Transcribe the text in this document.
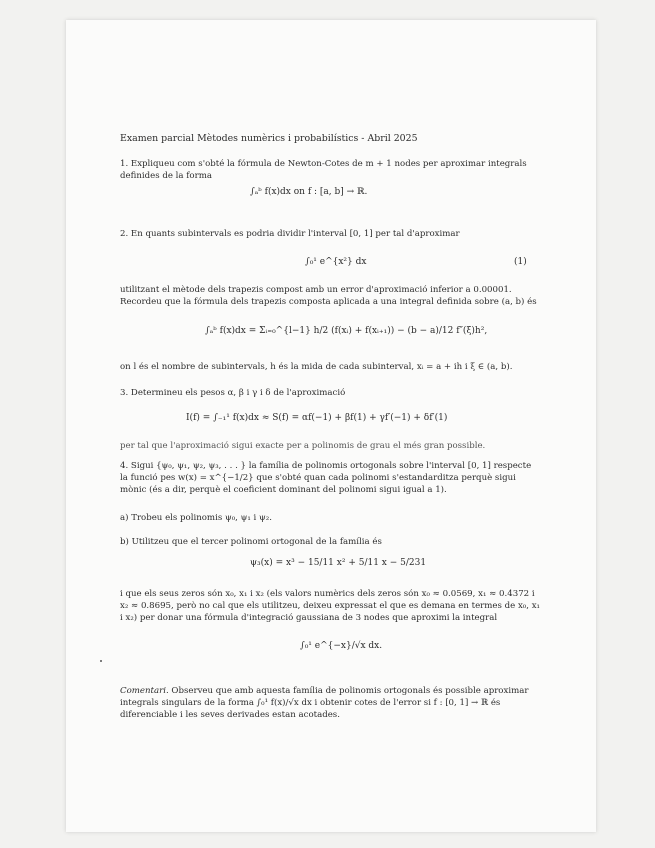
Examen parcial Mètodes numèrics i probabilístics - Abril 2025
1. Expliqueu com s'obté la fórmula de Newton-Cotes de m + 1 nodes per aproximar integrals definides de la forma
∫ₐᵇ f(x)dx on f : [a, b] → ℝ.
2. En quants subintervals es podria dividir l'interval [0, 1] per tal d'aproximar
∫₀¹ e^{x²} dx	(1)
utilitzant el mètode dels trapezis compost amb un error d'aproximació inferior a 0.00001. Recordeu que la fórmula dels trapezis composta aplicada a una integral definida sobre (a, b) és
∫ₐᵇ f(x)dx = Σᵢ₌₀^{l−1} h/2 (f(xᵢ) + f(xᵢ₊₁)) − (b − a)/12 f″(ξ)h²,
on l és el nombre de subintervals, h és la mida de cada subinterval, xᵢ = a + ih i ξ ∈ (a, b).
3. Determineu els pesos α, β i γ i δ de l'aproximació
I(f) = ∫₋₁¹ f(x)dx ≈ S(f) = αf(−1) + βf(1) + γf′(−1) + δf′(1)
per tal que l'aproximació sigui exacte per a polinomis de grau el més gran possible.
4. Sigui {ψ₀, ψ₁, ψ₂, ψ₃, . . . } la família de polinomis ortogonals sobre l'interval [0, 1] respecte la funció pes w(x) = x^{−1/2} que s'obté quan cada polinomi s'estandarditza perquè sigui mònic (és a dir, perquè el coeficient dominant del polinomi sigui igual a 1).
a) Trobeu els polinomis ψ₀, ψ₁ i ψ₂.
b) Utilitzeu que el tercer polinomi ortogonal de la família és
ψ₃(x) = x³ − 15/11 x² + 5/11 x − 5/231
i que els seus zeros són x₀, x₁ i x₂ (els valors numèrics dels zeros són x₀ ≈ 0.0569, x₁ ≈ 0.4372 i x₂ ≈ 0.8695, però no cal que els utilitzeu, deixeu expressat el que es demana en termes de x₀, x₁ i x₂) per donar una fórmula d'integració gaussiana de 3 nodes que aproximi la integral
∫₀¹ e^{−x}/√x dx.
Comentari. Observeu que amb aquesta família de polinomis ortogonals és possible aproximar integrals singulars de la forma ∫₀¹ f(x)/√x dx i obtenir cotes de l'error si f : [0, 1] → ℝ és diferenciable i les seves derivades estan acotades.
